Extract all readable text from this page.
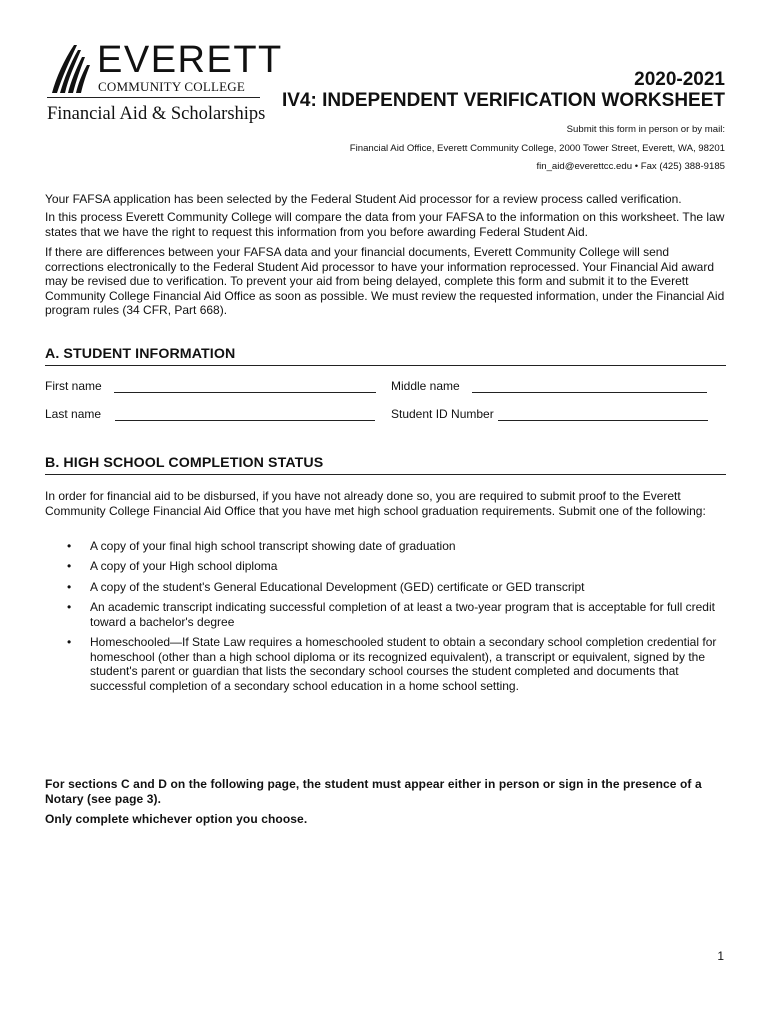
EVERETT
COMMUNITY COLLEGE
Financial Aid & Scholarships
2020-2021
IV4: INDEPENDENT VERIFICATION WORKSHEET
Submit this form in person or by mail:
Financial Aid Office, Everett Community College, 2000 Tower Street, Everett, WA, 98201
fin_aid@everettcc.edu • Fax (425) 388-9185
Your FAFSA application has been selected by the Federal Student Aid processor for a review process called verification.
In this process Everett Community College will compare the data from your FAFSA to the information on this worksheet. The law states that we have the right to request this information from you before awarding Federal Student Aid.
If there are differences between your FAFSA data and your financial documents, Everett Community College will send corrections electronically to the Federal Student Aid processor to have your information reprocessed. Your Financial Aid award may be revised due to verification. To prevent your aid from being delayed, complete this form and submit it to the Everett Community College Financial Aid Office as soon as possible. We must review the requested information, under the Financial Aid program rules (34 CFR, Part 668).
A. STUDENT INFORMATION
First name	Middle name
Last name	Student ID Number
B. HIGH SCHOOL COMPLETION STATUS
In order for financial aid to be disbursed, if you have not already done so, you are required to submit proof to the Everett Community College Financial Aid Office that you have met high school graduation requirements. Submit one of the following:
• A copy of your final high school transcript showing date of graduation
• A copy of your High school diploma
• A copy of the student's General Educational Development (GED) certificate or GED transcript
• An academic transcript indicating successful completion of at least a two-year program that is acceptable for full credit toward a bachelor's degree
• Homeschooled—If State Law requires a homeschooled student to obtain a secondary school completion credential for homeschool (other than a high school diploma or its recognized equivalent), a transcript or equivalent, signed by the student's parent or guardian that lists the secondary school courses the student completed and documents that successful completion of a secondary school education in a home school setting.
For sections C and D on the following page, the student must appear either in person or sign in the presence of a Notary (see page 3).
Only complete whichever option you choose.
1
